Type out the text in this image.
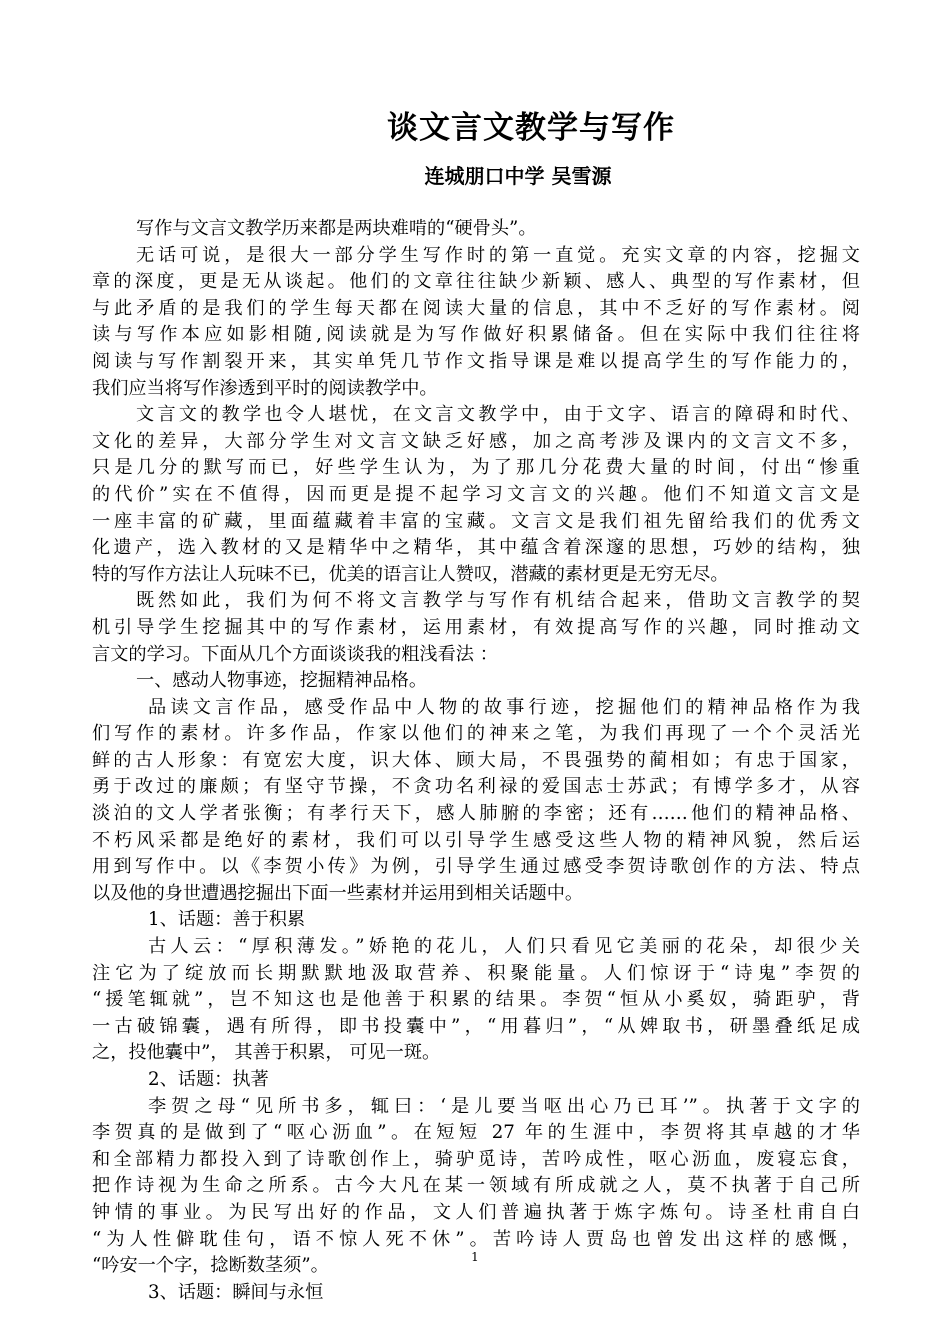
谈文言文教学与写作
连城朋口中学 吴雪源
写作与文言文教学历来都是两块难啃的“硬骨头”。
无话可说，是很大一部分学生写作时的第一直觉。充实文章的内容，挖掘文
章的深度，更是无从谈起。他们的文章往往缺少新颖、感人、典型的写作素材，但
与此矛盾的是我们的学生每天都在阅读大量的信息，其中不乏好的写作素材。阅
读与写作本应如影相随,阅读就是为写作做好积累储备。但在实际中我们往往将
阅读与写作割裂开来，其实单凭几节作文指导课是难以提高学生的写作能力的，
我们应当将写作渗透到平时的阅读教学中。
文言文的教学也令人堪忧，在文言文教学中，由于文字、语言的障碍和时代、
文化的差异，大部分学生对文言文缺乏好感，加之高考涉及课内的文言文不多，
只是几分的默写而已，好些学生认为，为了那几分花费大量的时间，付出“惨重
的代价”实在不值得，因而更是提不起学习文言文的兴趣。他们不知道文言文是
一座丰富的矿藏，里面蕴藏着丰富的宝藏。文言文是我们祖先留给我们的优秀文
化遗产，选入教材的又是精华中之精华，其中蕴含着深邃的思想，巧妙的结构，独
特的写作方法让人玩味不已，优美的语言让人赞叹，潜藏的素材更是无穷无尽。
既然如此，我们为何不将文言教学与写作有机结合起来，借助文言教学的契
机引导学生挖掘其中的写作素材，运用素材，有效提高写作的兴趣，同时推动文
言文的学习。下面从几个方面谈谈我的粗浅看法 ：
一、感动人物事迹，挖掘精神品格。
品读文言作品，感受作品中人物的故事行迹，挖掘他们的精神品格作为我
们写作的素材。许多作品，作家以他们的神来之笔，为我们再现了一个个灵活光
鲜的古人形象：有宽宏大度，识大体、顾大局，不畏强势的蔺相如；有忠于国家，
勇于改过的廉颇；有坚守节操，不贪功名利禄的爱国志士苏武；有博学多才，从容
淡泊的文人学者张衡；有孝行天下，感人肺腑的李密；还有……他们的精神品格、
不朽风采都是绝好的素材，我们可以引导学生感受这些人物的精神风貌，然后运
用到写作中。以《李贺小传》为例，引导学生通过感受李贺诗歌创作的方法、特点
以及他的身世遭遇挖掘出下面一些素材并运用到相关话题中。
1、话题：善于积累
古人云：“厚积薄发。”娇艳的花儿，人们只看见它美丽的花朵，却很少关
注它为了绽放而长期默默地汲取营养、积聚能量。人们惊讶于“诗鬼”李贺的
“援笔辄就”，岂不知这也是他善于积累的结果。李贺“恒从小奚奴，骑距驴，背
一古破锦囊，遇有所得，即书投囊中”，“用暮归”，“从婢取书，研墨叠纸足成
之，投他囊中”， 其善于积累， 可见一斑。
2、话题：执著
李贺之母“见所书多，辄曰：‘是儿要当呕出心乃已耳’”。执著于文字的
李贺真的是做到了“呕心沥血”。在短短 27 年的生涯中，李贺将其卓越的才华
和全部精力都投入到了诗歌创作上，骑驴觅诗，苦吟成性，呕心沥血，废寝忘食，
把作诗视为生命之所系。古今大凡在某一领域有所成就之人，莫不执著于自己所
钟情的事业。为民写出好的作品，文人们普遍执著于炼字炼句。诗圣杜甫自白
“为人性僻耽佳句，语不惊人死不休”。苦吟诗人贾岛也曾发出这样的感慨，
“吟安一个字，捻断数茎须”。
3、话题：瞬间与永恒
1
